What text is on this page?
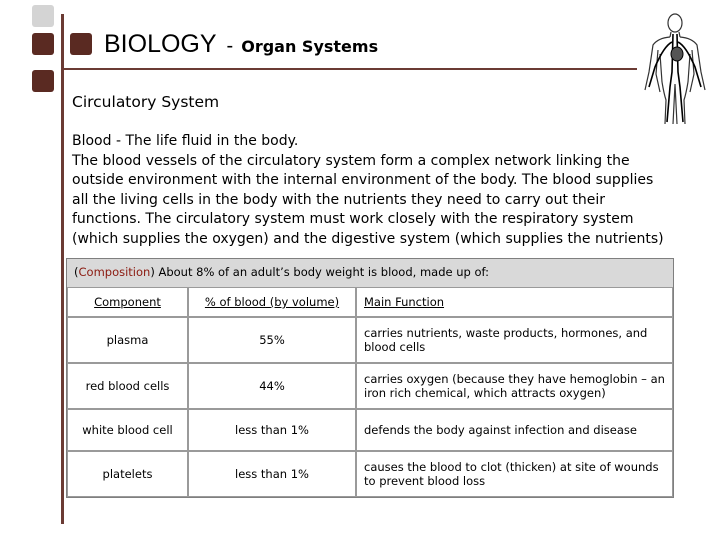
BIOLOGY - Organ Systems
Circulatory System
Blood - The life fluid in the body.
The blood vessels of the circulatory system form a complex network linking the
outside environment with the internal environment of the body. The blood supplies
all the living cells in the body with the nutrients they need to carry out their
functions. The circulatory system must work closely with the respiratory system
(which supplies the oxygen) and the digestive system (which supplies the nutrients)
(Composition) About 8% of an adult’s body weight is blood, made up of:
Component	% of blood (by volume)	Main Function
plasma	55%	carries nutrients, waste products, hormones, and blood cells
red blood cells	44%	carries oxygen (because they have hemoglobin – an iron rich chemical, which attracts oxygen)
white blood cell	less than 1%	defends the body against infection and disease
platelets	less than 1%	causes the blood to clot (thicken) at site of wounds to prevent blood loss
